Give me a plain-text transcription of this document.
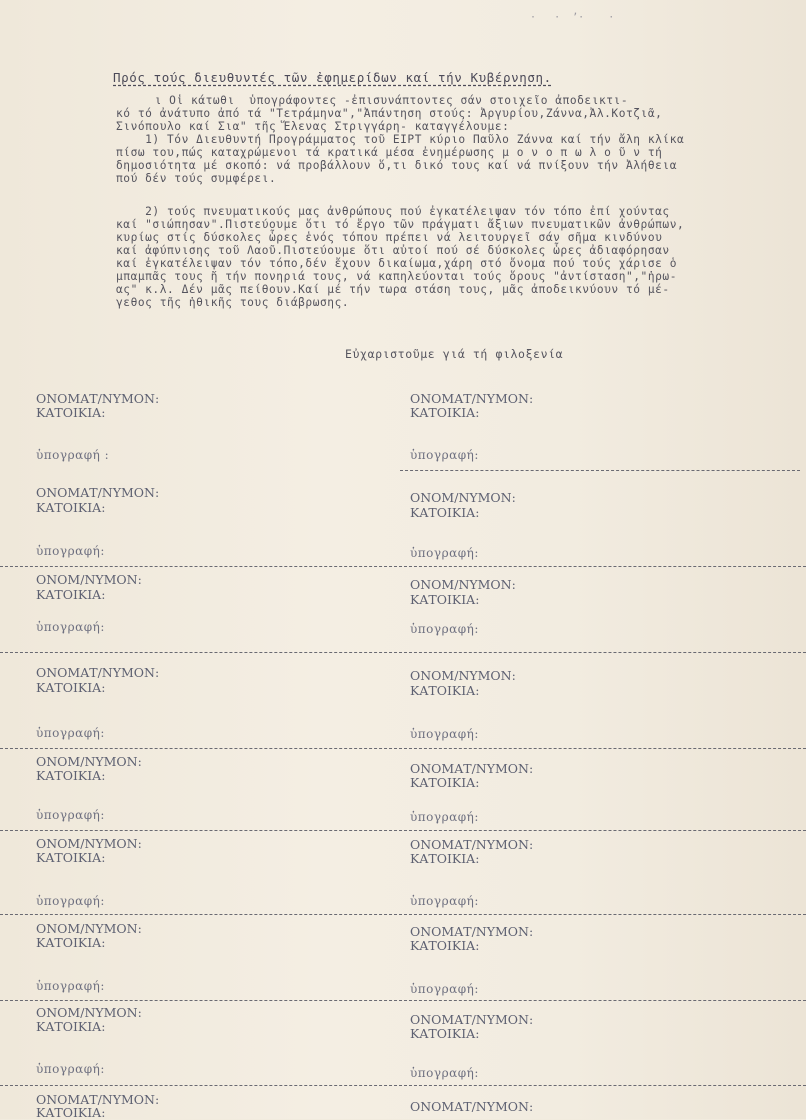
·   ·  ʼ·    ·
Πρός τούς διευθυντές τῶν ἐφημερίδων καί τήν Κυβέρνηση.
ι Οἱ κάτωθι  ὑπογράφοντες -ἐπισυνάπτοντες σάν στοιχεῖο ἀποδεικτι-
κό τό ἀνάτυπο ἀπό τά "Τετράμηνα","Ἀπάντηση στούς: Ἀργυρίου,Ζάννα,Ἀλ.Κοτζιᾶ,
Σινόπουλο καί Σια" τῆς Ἕλενας Στριγγάρη- καταγγέλουμε:
1) Τόν Διευθυντή Προγράμματος τοῦ ΕΙΡΤ κύριο Παῦλο Ζάννα καί τήν ἄλη κλίκα
πίσω του,πώς καταχρώμενοι τά κρατικά μέσα ἐνημέρωσης μ ο ν ο π ω λ ο ῦ ν τή
δημοσιότητα μέ σκοπό: νά προβάλλουν ὅ,τι δικό τους καί νά πνίξουν τήν Ἀλήθεια
πού δέν τούς συμφέρει.
2) τούς πνευματικούς μας ἀνθρώπους πού ἐγκατέλειψαν τόν τόπο ἐπί χούντας
καί "σιώπησαν".Πιστεύουμε ὅτι τό ἔργο τῶν πράγματι ἄξιων πνευματικῶν ἀνθρώπων,
κυρίως στίς δύσκολες ὧρες ἑνός τόπου πρέπει νά λειτουργεῖ σάν σῆμα κινδύνου
καί ἀφύπνισης τοῦ Λαοῦ.Πιστεύουμε ὅτι αὐτοί πού σέ δύσκολες ὧρες ἀδιαφόρησαν
καί ἐγκατέλειψαν τόν τόπο,δέν ἔχουν δικαίωμα,χάρη στό ὄνομα πού τούς χάρισε ὁ
μπαμπᾶς τους ἤ τήν πονηριά τους, νά καπηλεύονται τούς ὅρους "ἀντίσταση","ἡρω-
ας" κ.λ. Δέν μᾶς πείθουν.Καί μέ τήν τωρα στάση τους, μᾶς ἀποδεικνύουν τό μέ-
γεθος τῆς ἠθικῆς τους διάβρωσης.
Εὐχαριστοῦμε γιά τή φιλοξενία
ΟΝΟΜΑΤ/ΝΥΜΟΝ:
ΚΑΤΟΙΚΙΑ:
ὑπογραφή :
ΟΝΟΜΑΤ/ΝΥΜΟΝ:
ΚΑΤΟΙΚΙΑ:
ὑπογραφή:
ΟΝΟΜΑΤ/ΝΥΜΟΝ:
ΚΑΤΟΙΚΙΑ:
ὑπογραφή:
ΟΝΟΜ/ΝΥΜΟΝ:
ΚΑΤΟΙΚΙΑ:
ὑπογραφή:
ΟΝΟΜ/ΝΥΜΟΝ:
ΚΑΤΟΙΚΙΑ:
ὑπογραφή:
ΟΝΟΜ/ΝΥΜΟΝ:
ΚΑΤΟΙΚΙΑ:
ὑπογραφή:
ΟΝΟΜΑΤ/ΝΥΜΟΝ:
ΚΑΤΟΙΚΙΑ:
ὑπογραφή:
ΟΝΟΜ/ΝΥΜΟΝ:
ΚΑΤΟΙΚΙΑ:
ὑπογραφή:
ΟΝΟΜ/ΝΥΜΟΝ:
ΚΑΤΟΙΚΙΑ:
ὑπογραφή:
ΟΝΟΜΑΤ/ΝΥΜΟΝ:
ΚΑΤΟΙΚΙΑ:
ὑπογραφή:
ΟΝΟΜ/ΝΥΜΟΝ:
ΚΑΤΟΙΚΙΑ:
ὑπογραφή:
ΟΝΟΜΑΤ/ΝΥΜΟΝ:
ΚΑΤΟΙΚΙΑ:
ὑπογραφή:
ΟΝΟΜ/ΝΥΜΟΝ:
ΚΑΤΟΙΚΙΑ:
ὑπογραφή:
ΟΝΟΜΑΤ/ΝΥΜΟΝ:
ΚΑΤΟΙΚΙΑ:
ὑπογραφή:
ΟΝΟΜ/ΝΥΜΟΝ:
ΚΑΤΟΙΚΙΑ:
ὑπογραφή:
ΟΝΟΜΑΤ/ΝΥΜΟΝ:
ΚΑΤΟΙΚΙΑ:
ὑπογραφή:
ΟΝΟΜΑΤ/ΝΥΜΟΝ:
ΚΑΤΟΙΚΙΑ:	ΟΝΟΜΑΤ/ΝΥΜΟΝ:
